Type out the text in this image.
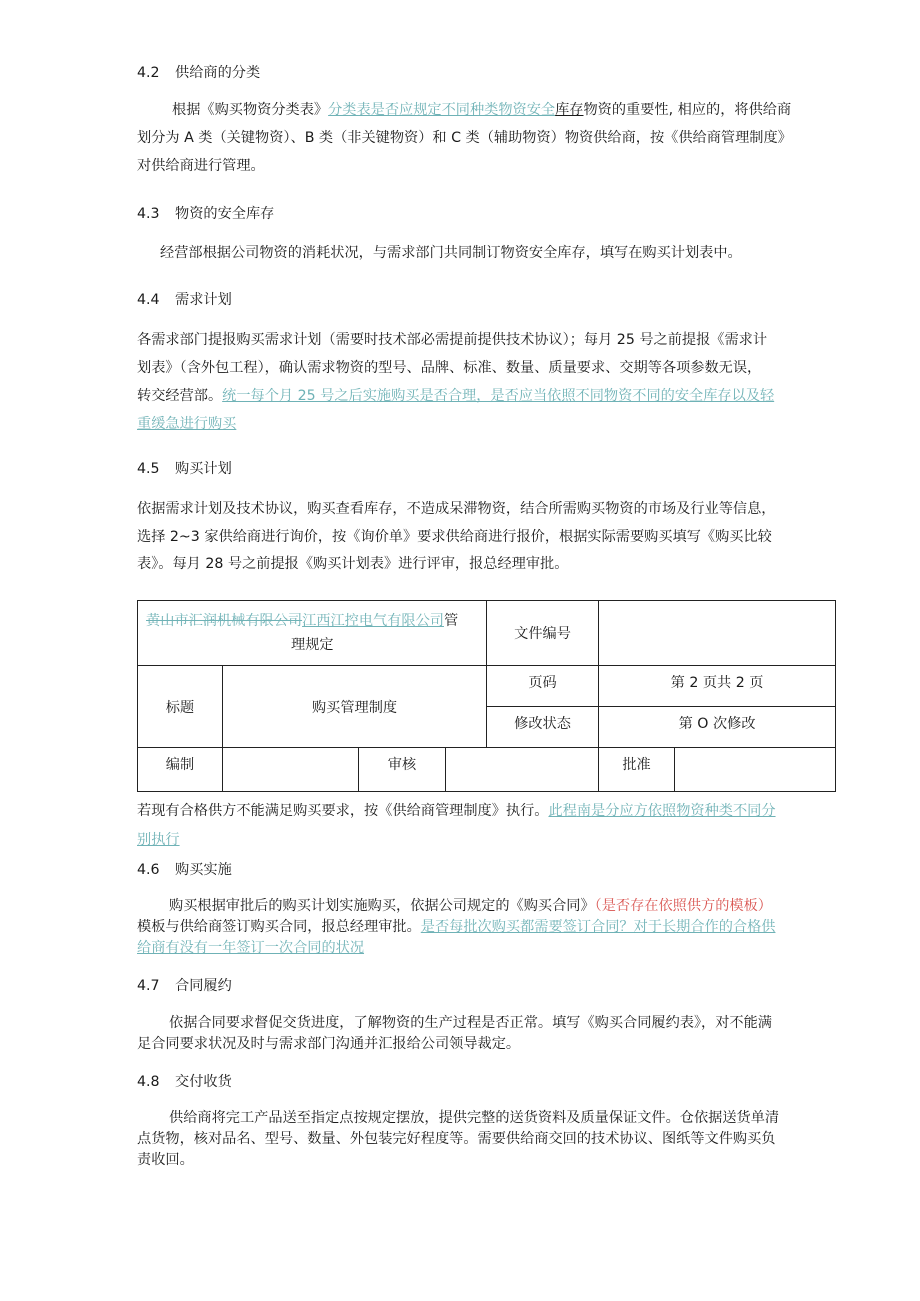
4.2 供给商的分类
根据《购买物资分类表》分类表是否应规定不同种类物资安全库存物资的重要性, 相应的，将供给商
划分为 A 类（关键物资）、B 类（非关键物资）和 C 类（辅助物资）物资供给商，按《供给商管理制度》
对供给商进行管理。
4.3 物资的安全库存
经营部根据公司物资的消耗状况，与需求部门共同制订物资安全库存，填写在购买计划表中。
4.4 需求计划
各需求部门提报购买需求计划（需要时技术部必需提前提供技术协议）；每月 25 号之前提报《需求计
划表》（含外包工程），确认需求物资的型号、品牌、标准、数量、质量要求、交期等各项参数无误，
转交经营部。统一每个月 25 号之后实施购买是否合理，是否应当依照不同物资不同的安全库存以及轻
重缓急进行购买
4.5 购买计划
依据需求计划及技术协议，购买查看库存，不造成呆滞物资，结合所需购买物资的市场及行业等信息，
选择 2~3 家供给商进行询价，按《询价单》要求供给商进行报价，根据实际需要购买填写《购买比较
表》。每月 28 号之前提报《购买计划表》进行评审，报总经理审批。
黄山市汇润机械有限公司江西江控电气有限公司管
理规定				文件编号		
标题	购买管理制度			页码	第 2 页共 2 页	
				修改状态	第 O 次修改	
编制		审核			批准	
若现有合格供方不能满足购买要求，按《供给商管理制度》执行。此程南是分应方依照物资种类不同分
别执行
4.6 购买实施
购买根据审批后的购买计划实施购买，依据公司规定的《购买合同》（是否存在依照供方的模板）
模板与供给商签订购买合同，报总经理审批。是否每批次购买都需要签订合同？对于长期合作的合格供
给商有没有一年签订一次合同的状况
4.7 合同履约
依据合同要求督促交货进度，了解物资的生产过程是否正常。填写《购买合同履约表》，对不能满
足合同要求状况及时与需求部门沟通并汇报给公司领导裁定。
4.8 交付收货
供给商将完工产品送至指定点按规定摆放，提供完整的送货资料及质量保证文件。仓依据送货单清
点货物，核对品名、型号、数量、外包装完好程度等。需要供给商交回的技术协议、图纸等文件购买负
责收回。
